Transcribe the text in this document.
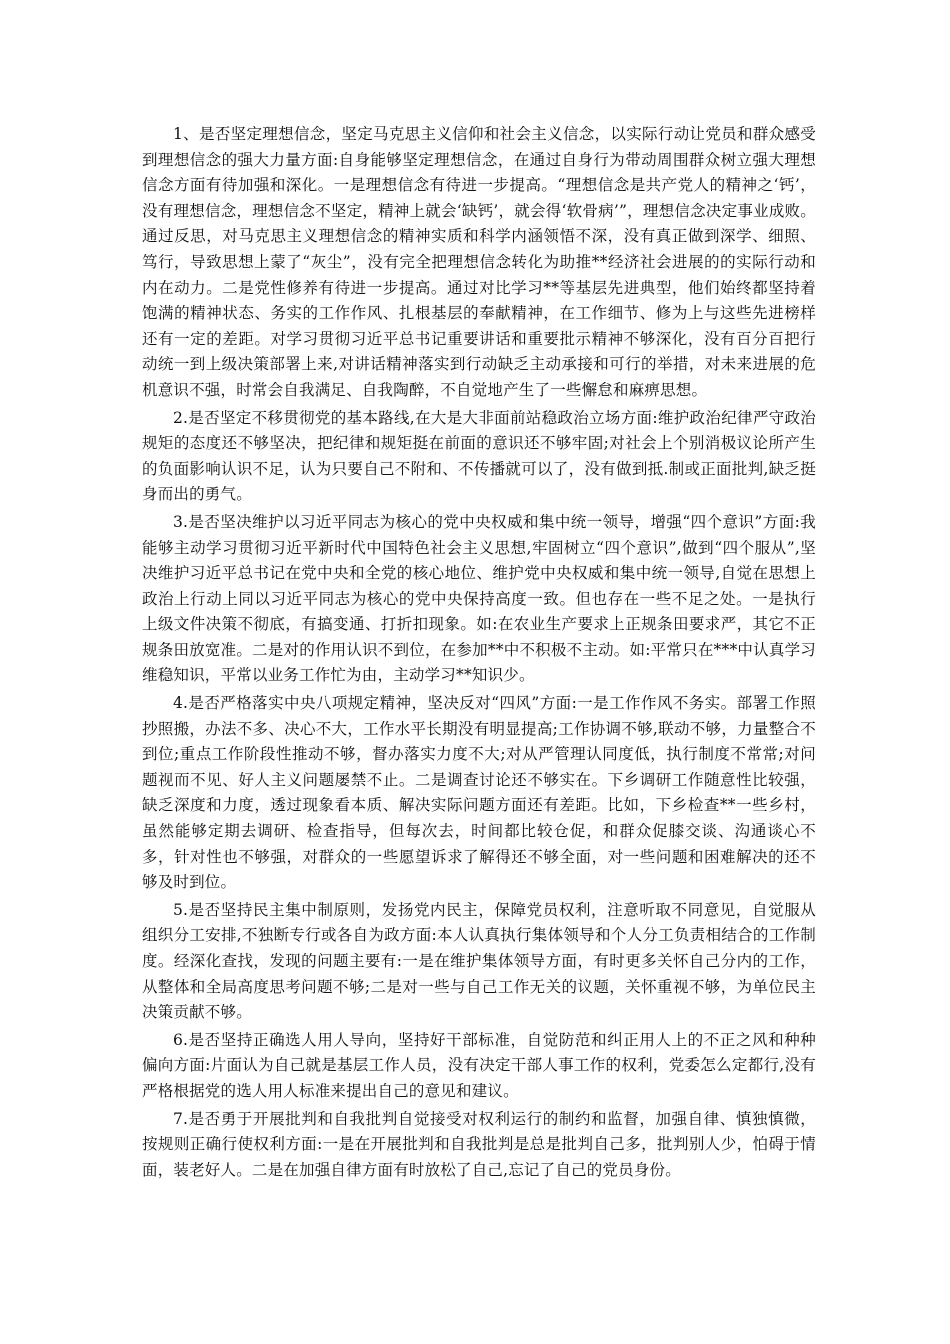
1、是否坚定理想信念，坚定马克思主义信仰和社会主义信念，以实际行动让党员和群众感受到理想信念的强大力量方面:自身能够坚定理想信念，在通过自身行为带动周围群众树立强大理想信念方面有待加强和深化。一是理想信念有待进一步提高。“理想信念是共产党人的精神之‘钙’， 没有理想信念，理想信念不坚定，精神上就会‘缺钙’，就会得‘软骨病’”，理想信念决定事业成败。通过反思，对马克思主义理想信念的精神实质和科学内涵领悟不深，没有真正做到深学、细照、笃行，导致思想上蒙了“灰尘”，没有完全把理想信念转化为助推**经济社会进展的的实际行动和内在动力。二是党性修养有待进一步提高。通过对比学习**等基层先进典型，他们始终都坚持着饱满的精神状态、务实的工作作风、扎根基层的奉献精神，在工作细节、修为上与这些先进榜样还有一定的差距。对学习贯彻习近平总书记重要讲话和重要批示精神不够深化，没有百分百把行动统一到上级决策部署上来,对讲话精神落实到行动缺乏主动承接和可行的举措，对未来进展的危机意识不强，时常会自我满足、自我陶醉，不自觉地产生了一些懈怠和麻痹思想。

2.是否坚定不移贯彻党的基本路线,在大是大非面前站稳政治立场方面:维护政治纪律严守政治规矩的态度还不够坚决，把纪律和规矩挺在前面的意识还不够牢固;对社会上个别消极议论所产生的负面影响认识不足，认为只要自己不附和、不传播就可以了，没有做到抵.制或正面批判,缺乏挺身而出的勇气。

3.是否坚决维护以习近平同志为核心的党中央权威和集中统一领导，增强“四个意识”方面:我能够主动学习贯彻习近平新时代中国特色社会主义思想,牢固树立“四个意识”,做到“四个服从”,坚决维护习近平总书记在党中央和全党的核心地位、维护党中央权威和集中统一领导,自觉在思想上政治上行动上同以习近平同志为核心的党中央保持高度一致。但也存在一些不足之处。一是执行上级文件决策不彻底，有搞变通、打折扣现象。如:在农业生产要求上正规条田要求严，其它不正规条田放宽准。二是对的作用认识不到位，在参加**中不积极不主动。如:平常只在***中认真学习维稳知识，平常以业务工作忙为由，主动学习**知识少。

4.是否严格落实中央八项规定精神，坚决反对“四风”方面:一是工作作风不务实。部署工作照抄照搬，办法不多、决心不大，工作水平长期没有明显提高;工作协调不够,联动不够，力量整合不到位;重点工作阶段性推动不够，督办落实力度不大;对从严管理认同度低，执行制度不常常;对问题视而不见、好人主义问题屡禁不止。二是调查讨论还不够实在。下乡调研工作随意性比较强，缺乏深度和力度，透过现象看本质、解决实际问题方面还有差距。比如，下乡检查**一些乡村，虽然能够定期去调研、检查指导，但每次去，时间都比较仓促，和群众促膝交谈、沟通谈心不多，针对性也不够强，对群众的一些愿望诉求了解得还不够全面，对一些问题和困难解决的还不够及时到位。

5.是否坚持民主集中制原则，发扬党内民主，保障党员权利，注意听取不同意见，自觉服从组织分工安排,不独断专行或各自为政方面:本人认真执行集体领导和个人分工负责相结合的工作制度。经深化查找，发现的问题主要有:一是在维护集体领导方面，有时更多关怀自己分内的工作，从整体和全局高度思考问题不够;二是对一些与自己工作无关的议题，关怀重视不够，为单位民主决策贡献不够。

6.是否坚持正确选人用人导向，坚持好干部标准，自觉防范和纠正用人上的不正之风和种种偏向方面:片面认为自己就是基层工作人员，没有决定干部人事工作的权利，党委怎么定都行,没有严格根据党的选人用人标准来提出自己的意见和建议。

7.是否勇于开展批判和自我批判自觉接受对权利运行的制约和监督，加强自律、慎独慎微，按规则正确行使权利方面:一是在开展批判和自我批判是总是批判自己多，批判别人少，怕碍于情面，装老好人。二是在加强自律方面有时放松了自己,忘记了自己的党员身份。
